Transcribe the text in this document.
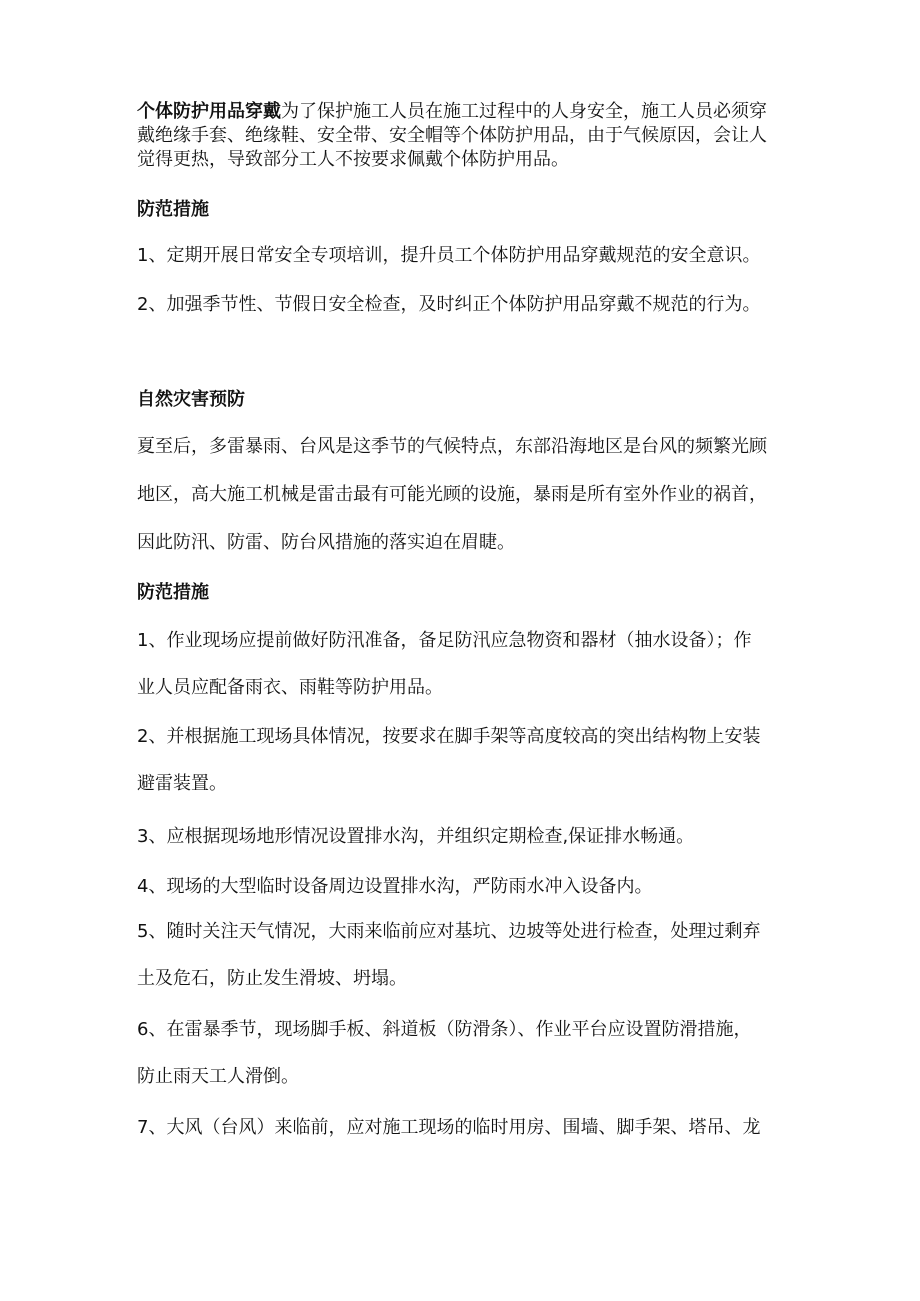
个体防护用品穿戴为了保护施工人员在施工过程中的人身安全，施工人员必须穿
戴绝缘手套、绝缘鞋、安全带、安全帽等个体防护用品，由于气候原因，会让人
觉得更热，导致部分工人不按要求佩戴个体防护用品。
防范措施
1、定期开展日常安全专项培训，提升员工个体防护用品穿戴规范的安全意识。
2、加强季节性、节假日安全检查，及时纠正个体防护用品穿戴不规范的行为。
自然灾害预防
夏至后，多雷暴雨、台风是这季节的气候特点，东部沿海地区是台风的频繁光顾
地区，高大施工机械是雷击最有可能光顾的设施，暴雨是所有室外作业的祸首，
因此防汛、防雷、防台风措施的落实迫在眉睫。
防范措施
1、作业现场应提前做好防汛准备，备足防汛应急物资和器材（抽水设备）；作
业人员应配备雨衣、雨鞋等防护用品。
2、并根据施工现场具体情况，按要求在脚手架等高度较高的突出结构物上安装
避雷装置。
3、应根据现场地形情况设置排水沟，并组织定期检查,保证排水畅通。
4、现场的大型临时设备周边设置排水沟，严防雨水冲入设备内。
5、随时关注天气情况，大雨来临前应对基坑、边坡等处进行检查，处理过剩弃
土及危石，防止发生滑坡、坍塌。
6、在雷暴季节，现场脚手板、斜道板（防滑条）、作业平台应设置防滑措施，
防止雨天工人滑倒。
7、大风（台风）来临前，应对施工现场的临时用房、围墙、脚手架、塔吊、龙
